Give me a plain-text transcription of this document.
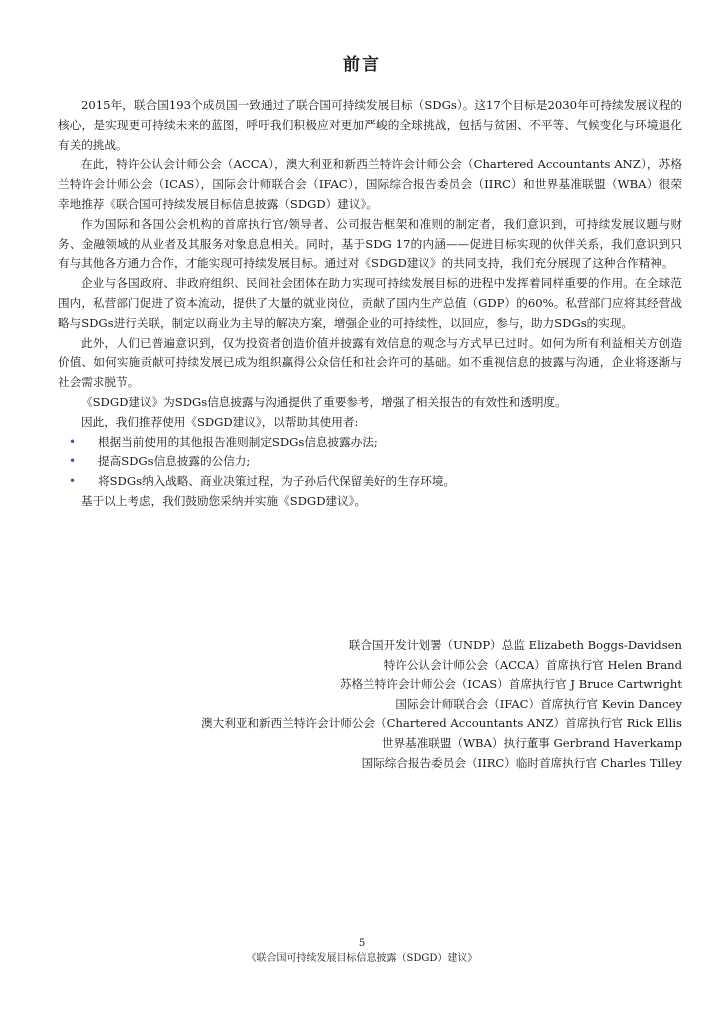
前言

2015年，联合国193个成员国一致通过了联合国可持续发展目标（SDGs）。这17个目标是2030年可持续发展议程的核心，是实现更可持续未来的蓝图，呼吁我们积极应对更加严峻的全球挑战，包括与贫困、不平等、气候变化与环境退化有关的挑战。

在此，特许公认会计师公会（ACCA），澳大利亚和新西兰特许会计师公会（Chartered Accountants ANZ），苏格兰特许会计师公会（ICAS），国际会计师联合会（IFAC），国际综合报告委员会（IIRC）和世界基准联盟（WBA）很荣幸地推荐《联合国可持续发展目标信息披露（SDGD）建议》。

作为国际和各国公会机构的首席执行官/领导者、公司报告框架和准则的制定者，我们意识到，可持续发展议题与财务、金融领域的从业者及其服务对象息息相关。同时，基于SDG 17的内涵——促进目标实现的伙伴关系，我们意识到只有与其他各方通力合作，才能实现可持续发展目标。通过对《SDGD建议》的共同支持，我们充分展现了这种合作精神。

企业与各国政府、非政府组织、民间社会团体在助力实现可持续发展目标的进程中发挥着同样重要的作用。在全球范围内，私营部门促进了资本流动，提供了大量的就业岗位，贡献了国内生产总值（GDP）的60%。私营部门应将其经营战略与SDGs进行关联，制定以商业为主导的解决方案，增强企业的可持续性，以回应，参与，助力SDGs的实现。

此外，人们已普遍意识到，仅为投资者创造价值并披露有效信息的观念与方式早已过时。如何为所有利益相关方创造价值、如何实施贡献可持续发展已成为组织赢得公众信任和社会许可的基础。如不重视信息的披露与沟通，企业将逐渐与社会需求脱节。

《SDGD建议》为SDGs信息披露与沟通提供了重要参考，增强了相关报告的有效性和透明度。

因此，我们推荐使用《SDGD建议》，以帮助其使用者:

• 根据当前使用的其他报告准则制定SDGs信息披露办法;
• 提高SDGs信息披露的公信力;
• 将SDGs纳入战略、商业决策过程，为子孙后代保留美好的生存环境。

基于以上考虑，我们鼓励您采纳并实施《SDGD建议》。

联合国开发计划署（UNDP）总监 Elizabeth Boggs-Davidsen
特许公认会计师公会（ACCA）首席执行官 Helen Brand
苏格兰特许会计师公会（ICAS）首席执行官 J Bruce Cartwright
国际会计师联合会（IFAC）首席执行官 Kevin Dancey
澳大利亚和新西兰特许会计师公会（Chartered Accountants ANZ）首席执行官 Rick Ellis
世界基准联盟（WBA）执行董事 Gerbrand Haverkamp
国际综合报告委员会（IIRC）临时首席执行官 Charles Tilley
5
《联合国可持续发展目标信息披露（SDGD）建议》
